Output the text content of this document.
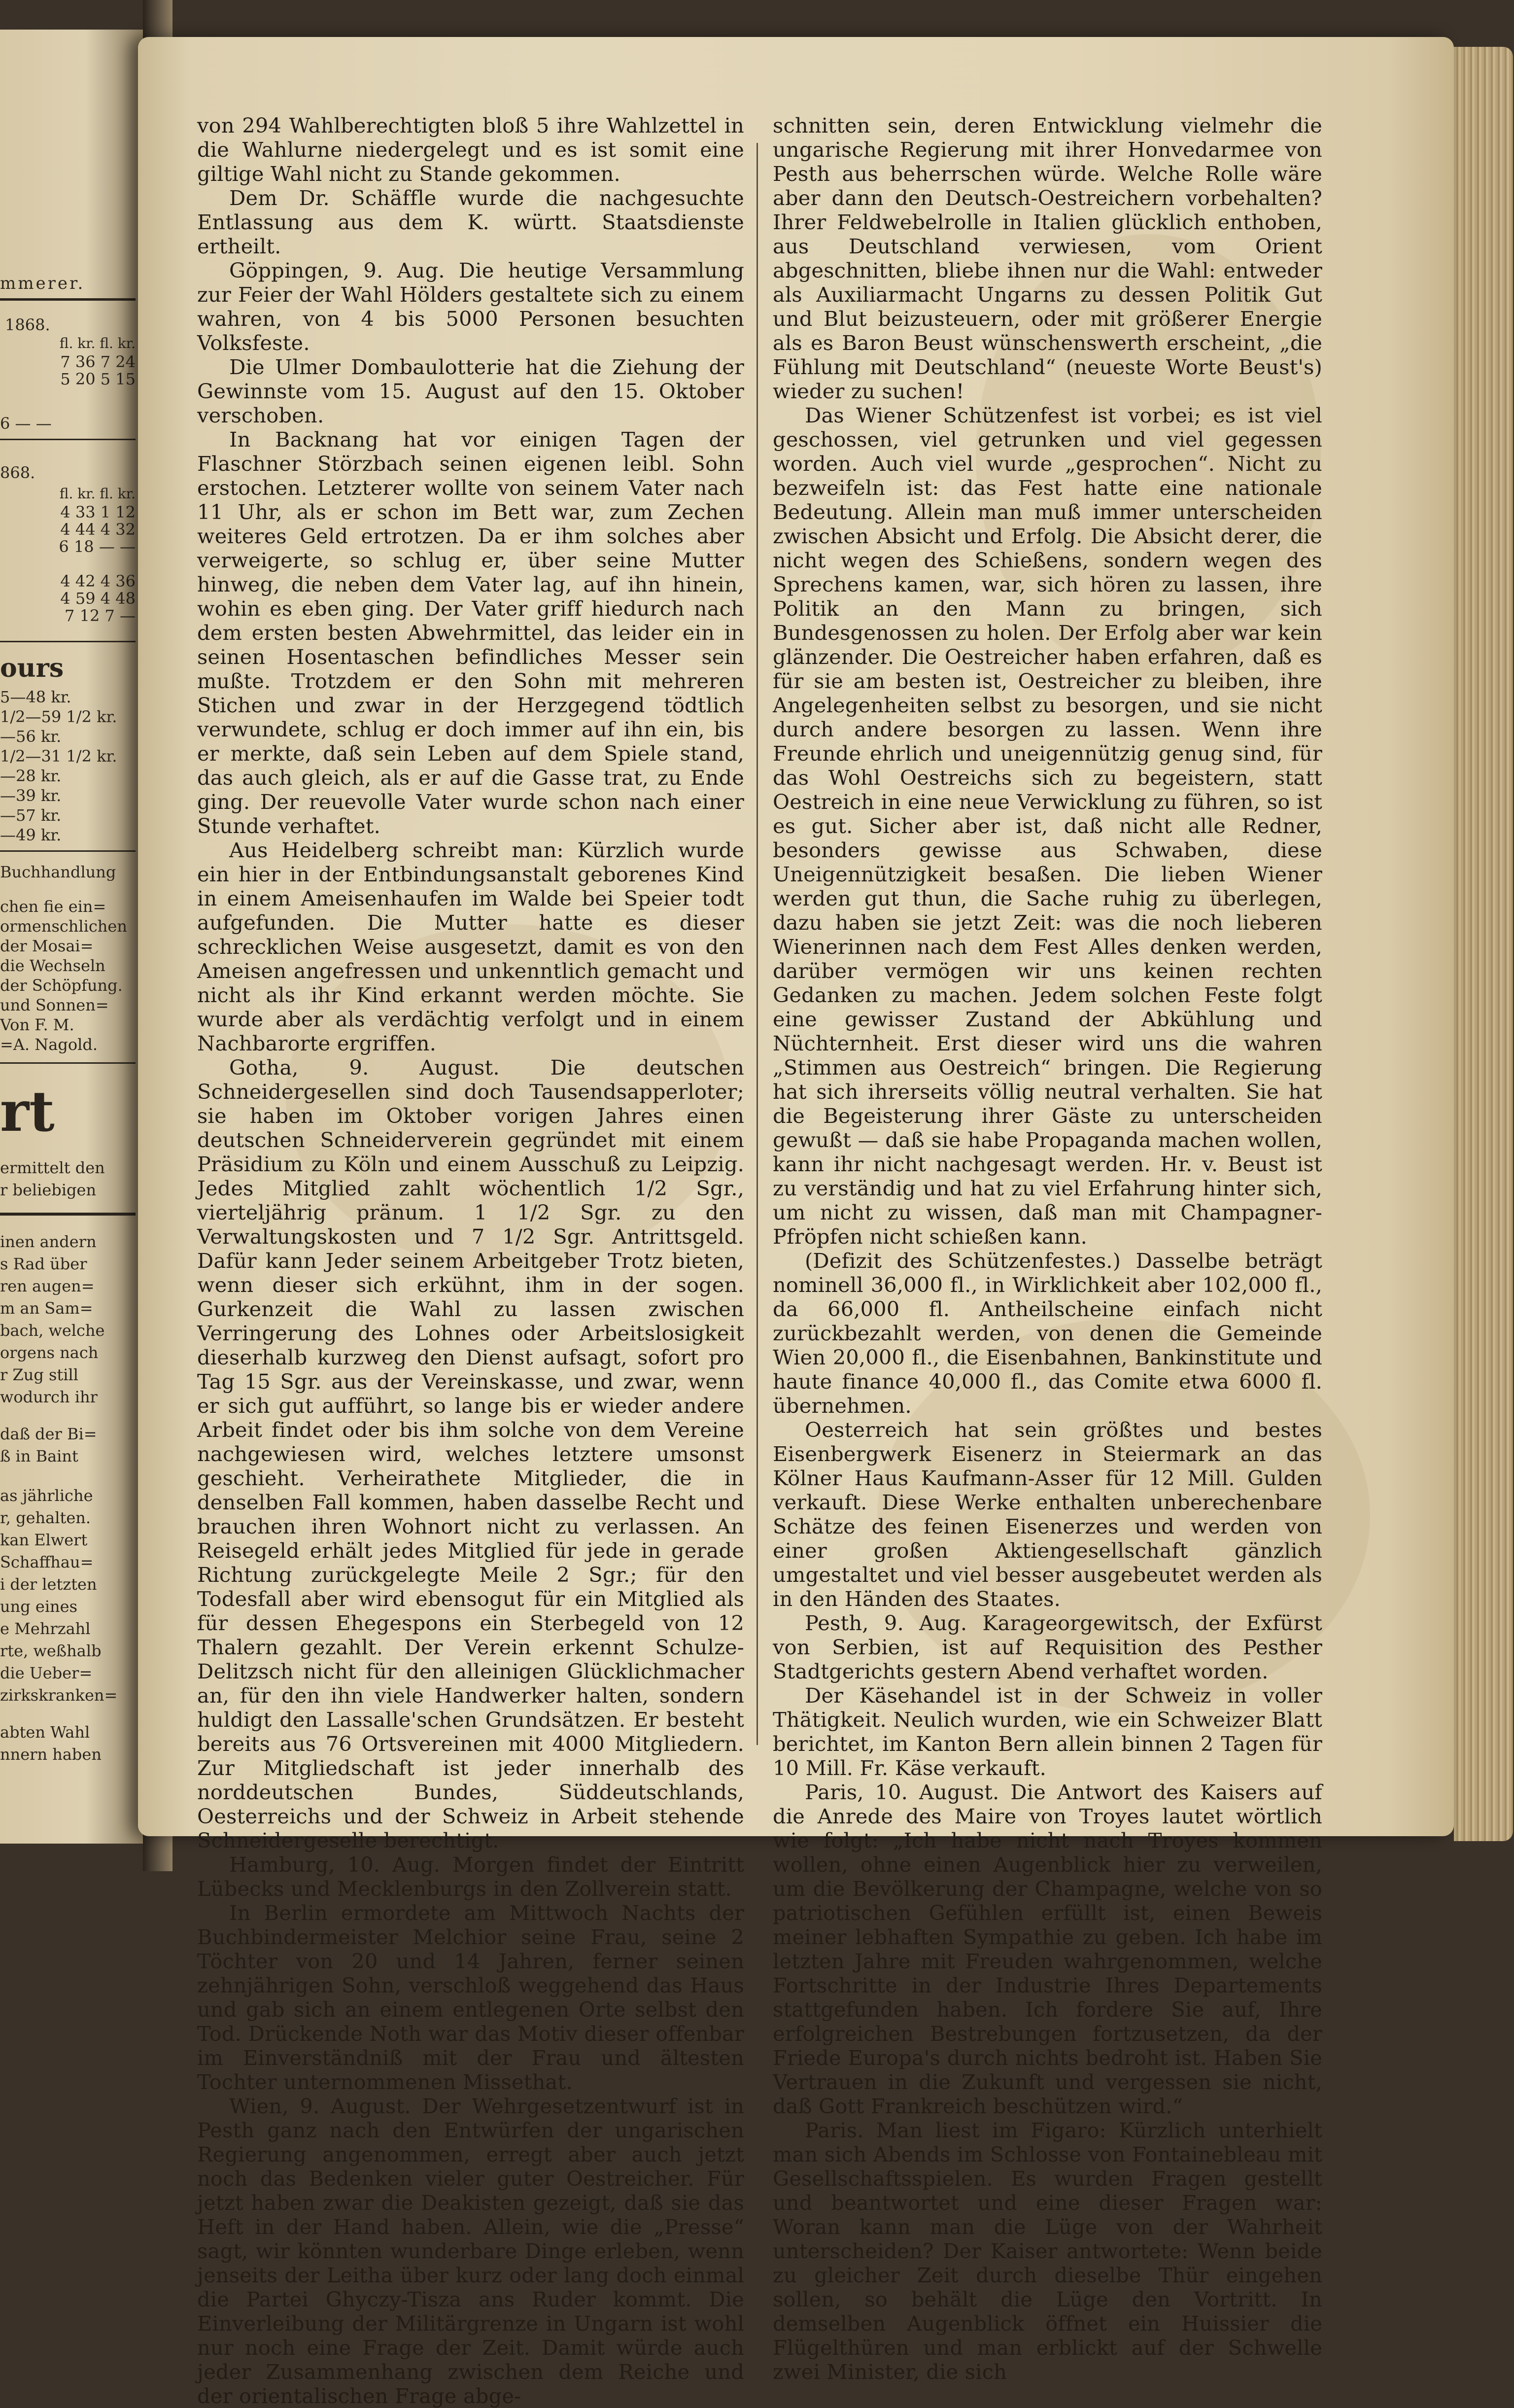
mmerer.
1868.
fl. kr. fl. kr.
7 36 7 24
5 20 5 15
6 — —
868.
fl. kr. fl. kr.
4 33 1 12
4 44 4 32
6 18 — —
4 42 4 36
4 59 4 48
7 12 7 —
ours
5—48 kr.
1/2—59 1/2 kr.
—56 kr.
1/2—31 1/2 kr.
—28 kr.
—39 kr.
—57 kr.
—49 kr.
Buchhandlung
chen fie ein=
ormenschlichen
der Mosai=
die Wechseln
der Schöpfung.
und Sonnen=
Von F. M.
=A. Nagold.
rt
ermittelt den
r beliebigen
inen andern
s Rad über
ren augen=
m an Sam=
bach, welche
orgens nach
r Zug still
wodurch ihr
daß der Bi=
ß in Baint
as jährliche
r, gehalten.
kan Elwert
Schaffhau=
i der letzten
ung eines
e Mehrzahl
rte, weßhalb
die Ueber=
zirkskranken=
abten Wahl
nnern haben

von 294 Wahlberechtigten bloß 5 ihre Wahlzettel in die Wahlurne niedergelegt und es ist somit eine giltige Wahl nicht zu Stande gekommen.

Dem Dr. Schäffle wurde die nachgesuchte Entlassung aus dem K. württ. Staatsdienste ertheilt.

Göppingen, 9. Aug. Die heutige Versammlung zur Feier der Wahl Hölders gestaltete sich zu einem wahren, von 4 bis 5000 Personen besuchten Volksfeste.

Die Ulmer Dombaulotterie hat die Ziehung der Gewinnste vom 15. August auf den 15. Oktober verschoben.

In Backnang hat vor einigen Tagen der Flaschner Störzbach seinen eigenen leibl. Sohn erstochen. Letzterer wollte von seinem Vater nach 11 Uhr, als er schon im Bett war, zum Zechen weiteres Geld ertrotzen. Da er ihm solches aber verweigerte, so schlug er, über seine Mutter hinweg, die neben dem Vater lag, auf ihn hinein, wohin es eben ging. Der Vater griff hiedurch nach dem ersten besten Abwehrmittel, das leider ein in seinen Hosentaschen befindliches Messer sein mußte. Trotzdem er den Sohn mit mehreren Stichen und zwar in der Herzgegend tödtlich verwundete, schlug er doch immer auf ihn ein, bis er merkte, daß sein Leben auf dem Spiele stand, das auch gleich, als er auf die Gasse trat, zu Ende ging. Der reuevolle Vater wurde schon nach einer Stunde verhaftet.

Aus Heidelberg schreibt man: Kürzlich wurde ein hier in der Entbindungsanstalt geborenes Kind in einem Ameisenhaufen im Walde bei Speier todt aufgefunden. Die Mutter hatte es dieser schrecklichen Weise ausgesetzt, damit es von den Ameisen angefressen und unkenntlich gemacht und nicht als ihr Kind erkannt werden möchte. Sie wurde aber als verdächtig verfolgt und in einem Nachbarorte ergriffen.

Gotha, 9. August. Die deutschen Schneidergesellen sind doch Tausendsapperloter; sie haben im Oktober vorigen Jahres einen deutschen Schneiderverein gegründet mit einem Präsidium zu Köln und einem Ausschuß zu Leipzig. Jedes Mitglied zahlt wöchentlich 1/2 Sgr., vierteljährig pränum. 1 1/2 Sgr. zu den Verwaltungskosten und 7 1/2 Sgr. Antrittsgeld. Dafür kann Jeder seinem Arbeitgeber Trotz bieten, wenn dieser sich erkühnt, ihm in der sogen. Gurkenzeit die Wahl zu lassen zwischen Verringerung des Lohnes oder Arbeitslosigkeit dieserhalb kurzweg den Dienst aufsagt, sofort pro Tag 15 Sgr. aus der Vereinskasse, und zwar, wenn er sich gut aufführt, so lange bis er wieder andere Arbeit findet oder bis ihm solche von dem Vereine nachgewiesen wird, welches letztere umsonst geschieht. Verheirathete Mitglieder, die in denselben Fall kommen, haben dasselbe Recht und brauchen ihren Wohnort nicht zu verlassen. An Reisegeld erhält jedes Mitglied für jede in gerade Richtung zurückgelegte Meile 2 Sgr.; für den Todesfall aber wird ebensogut für ein Mitglied als für dessen Ehegespons ein Sterbegeld von 12 Thalern gezahlt. Der Verein erkennt Schulze-Delitzsch nicht für den alleinigen Glücklichmacher an, für den ihn viele Handwerker halten, sondern huldigt den Lassalle'schen Grundsätzen. Er besteht bereits aus 76 Ortsvereinen mit 4000 Mitgliedern. Zur Mitgliedschaft ist jeder innerhalb des norddeutschen Bundes, Süddeutschlands, Oesterreichs und der Schweiz in Arbeit stehende Schneidergeselle berechtigt.

Hamburg, 10. Aug. Morgen findet der Eintritt Lübecks und Mecklenburgs in den Zollverein statt.

In Berlin ermordete am Mittwoch Nachts der Buchbindermeister Melchior seine Frau, seine 2 Töchter von 20 und 14 Jahren, ferner seinen zehnjährigen Sohn, verschloß weggehend das Haus und gab sich an einem entlegenen Orte selbst den Tod. Drückende Noth war das Motiv dieser offenbar im Einverständniß mit der Frau und ältesten Tochter unternommenen Missethat.

Wien, 9. August. Der Wehrgesetzentwurf ist in Pesth ganz nach den Entwürfen der ungarischen Regierung angenommen, erregt aber auch jetzt noch das Bedenken vieler guter Oestreicher. Für jetzt haben zwar die Deakisten gezeigt, daß sie das Heft in der Hand haben. Allein, wie die „Presse“ sagt, wir könnten wunderbare Dinge erleben, wenn jenseits der Leitha über kurz oder lang doch einmal die Partei Ghyczy-Tisza ans Ruder kommt. Die Einverleibung der Militärgrenze in Ungarn ist wohl nur noch eine Frage der Zeit. Damit würde auch jeder Zusammenhang zwischen dem Reiche und der orientalischen Frage abge-

schnitten sein, deren Entwicklung vielmehr die ungarische Regierung mit ihrer Honvedarmee von Pesth aus beherrschen würde. Welche Rolle wäre aber dann den Deutsch-Oestreichern vorbehalten? Ihrer Feldwebelrolle in Italien glücklich enthoben, aus Deutschland verwiesen, vom Orient abgeschnitten, bliebe ihnen nur die Wahl: entweder als Auxiliarmacht Ungarns zu dessen Politik Gut und Blut beizusteuern, oder mit größerer Energie als es Baron Beust wünschenswerth erscheint, „die Fühlung mit Deutschland“ (neueste Worte Beust's) wieder zu suchen!

Das Wiener Schützenfest ist vorbei; es ist viel geschossen, viel getrunken und viel gegessen worden. Auch viel wurde „gesprochen“. Nicht zu bezweifeln ist: das Fest hatte eine nationale Bedeutung. Allein man muß immer unterscheiden zwischen Absicht und Erfolg. Die Absicht derer, die nicht wegen des Schießens, sondern wegen des Sprechens kamen, war, sich hören zu lassen, ihre Politik an den Mann zu bringen, sich Bundesgenossen zu holen. Der Erfolg aber war kein glänzender. Die Oestreicher haben erfahren, daß es für sie am besten ist, Oestreicher zu bleiben, ihre Angelegenheiten selbst zu besorgen, und sie nicht durch andere besorgen zu lassen. Wenn ihre Freunde ehrlich und uneigennützig genug sind, für das Wohl Oestreichs sich zu begeistern, statt Oestreich in eine neue Verwicklung zu führen, so ist es gut. Sicher aber ist, daß nicht alle Redner, besonders gewisse aus Schwaben, diese Uneigennützigkeit besaßen. Die lieben Wiener werden gut thun, die Sache ruhig zu überlegen, dazu haben sie jetzt Zeit: was die noch lieberen Wienerinnen nach dem Fest Alles denken werden, darüber vermögen wir uns keinen rechten Gedanken zu machen. Jedem solchen Feste folgt eine gewisser Zustand der Abkühlung und Nüchternheit. Erst dieser wird uns die wahren „Stimmen aus Oestreich“ bringen. Die Regierung hat sich ihrerseits völlig neutral verhalten. Sie hat die Begeisterung ihrer Gäste zu unterscheiden gewußt — daß sie habe Propaganda machen wollen, kann ihr nicht nachgesagt werden. Hr. v. Beust ist zu verständig und hat zu viel Erfahrung hinter sich, um nicht zu wissen, daß man mit Champagner-Pfröpfen nicht schießen kann.

(Defizit des Schützenfestes.) Dasselbe beträgt nominell 36,000 fl., in Wirklichkeit aber 102,000 fl., da 66,000 fl. Antheilscheine einfach nicht zurückbezahlt werden, von denen die Gemeinde Wien 20,000 fl., die Eisenbahnen, Bankinstitute und haute finance 40,000 fl., das Comite etwa 6000 fl. übernehmen.

Oesterreich hat sein größtes und bestes Eisenbergwerk Eisenerz in Steiermark an das Kölner Haus Kaufmann-Asser für 12 Mill. Gulden verkauft. Diese Werke enthalten unberechenbare Schätze des feinen Eisenerzes und werden von einer großen Aktiengesellschaft gänzlich umgestaltet und viel besser ausgebeutet werden als in den Händen des Staates.

Pesth, 9. Aug. Karageorgewitsch, der Exfürst von Serbien, ist auf Requisition des Pesther Stadtgerichts gestern Abend verhaftet worden.

Der Käsehandel ist in der Schweiz in voller Thätigkeit. Neulich wurden, wie ein Schweizer Blatt berichtet, im Kanton Bern allein binnen 2 Tagen für 10 Mill. Fr. Käse verkauft.

Paris, 10. August. Die Antwort des Kaisers auf die Anrede des Maire von Troyes lautet wörtlich wie folgt: „Ich habe nicht nach Troyes kommen wollen, ohne einen Augenblick hier zu verweilen, um die Bevölkerung der Champagne, welche von so patriotischen Gefühlen erfüllt ist, einen Beweis meiner lebhaften Sympathie zu geben. Ich habe im letzten Jahre mit Freuden wahrgenommen, welche Fortschritte in der Industrie Ihres Departements stattgefunden haben. Ich fordere Sie auf, Ihre erfolgreichen Bestrebungen fortzusetzen, da der Friede Europa's durch nichts bedroht ist. Haben Sie Vertrauen in die Zukunft und vergessen sie nicht, daß Gott Frankreich beschützen wird.“

Paris. Man liest im Figaro: Kürzlich unterhielt man sich Abends im Schlosse von Fontainebleau mit Gesellschaftsspielen. Es wurden Fragen gestellt und beantwortet und eine dieser Fragen war: Woran kann man die Lüge von der Wahrheit unterscheiden? Der Kaiser antwortete: Wenn beide zu gleicher Zeit durch dieselbe Thür eingehen sollen, so behält die Lüge den Vortritt. In demselben Augenblick öffnet ein Huissier die Flügelthüren und man erblickt auf der Schwelle zwei Minister, die sich
